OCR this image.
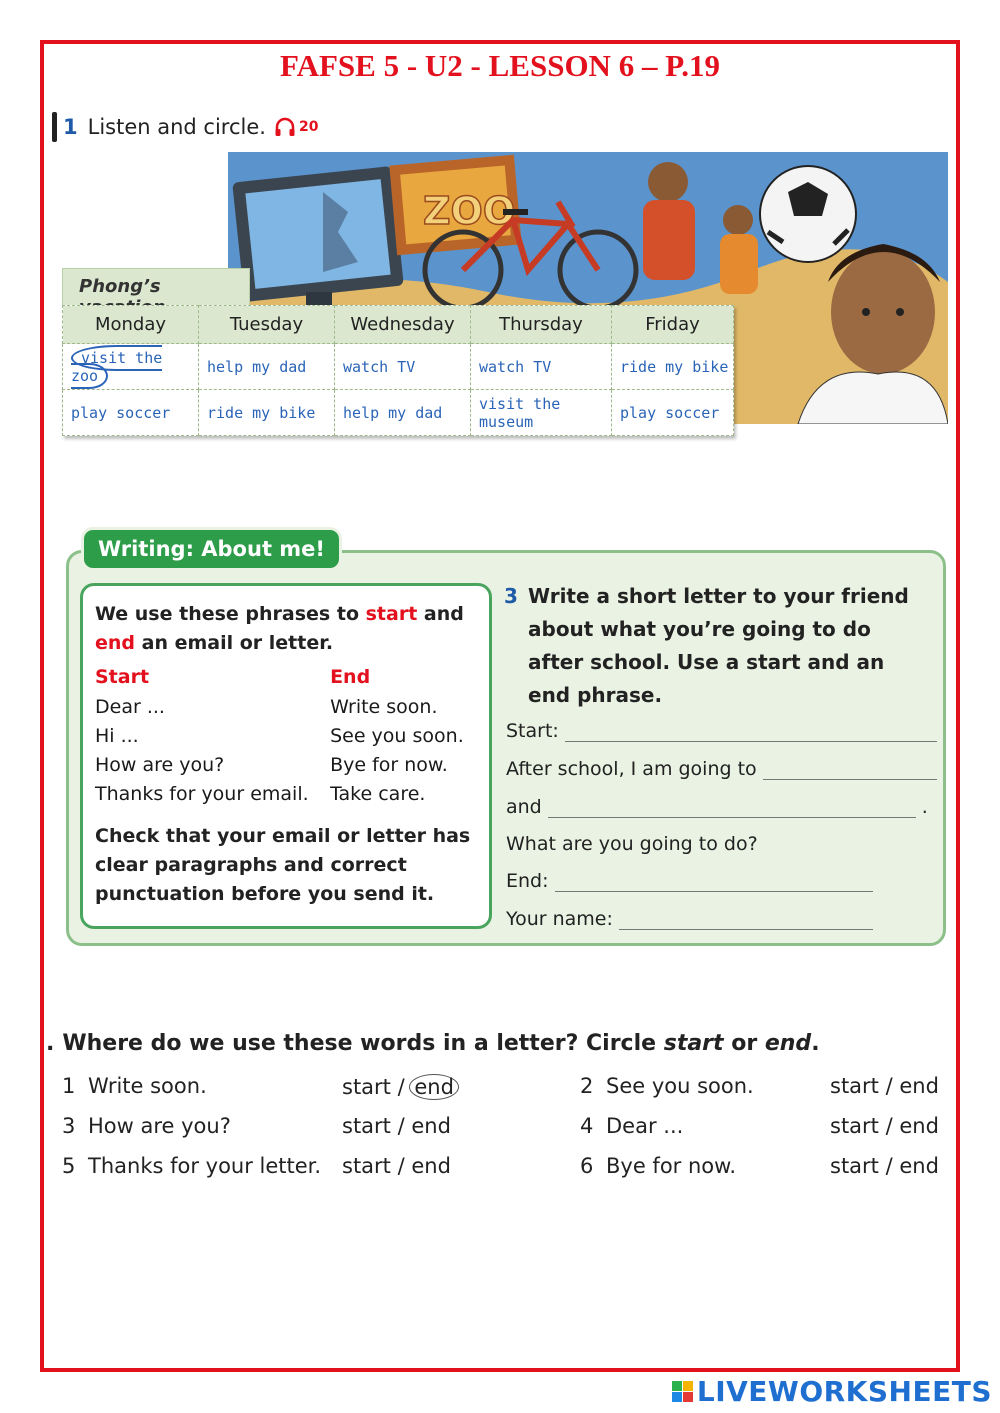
FAFSE 5 - U2 - LESSON 6 – P.19
1 Listen and circle. 20
ZOO
Phong’s
Monday	Tuesday	Wednesday	Thursday	Friday
visit the zoo	help my dad	watch TV	watch TV	ride my bike
play soccer	ride my bike	help my dad	visit the museum	play soccer
Writing: About me!
We use these phrases to start and
end an email or letter.
Start
Dear ...
Hi ...
How are you?
Thanks for your email.
End
Write soon.
See you soon.
Bye for now.
Take care.
Check that your email or letter has clear paragraphs and correct punctuation before you send it.
3 Write a short letter to your friend about what you’re going to do after school. Use a start and an end phrase.
Start:
After school, I am going to
and	.
What are you going to do?
End:
Your name:
. Where do we use these words in a letter? Circle start or end.
1 Write soon.	start / end	2 See you soon.	start / end
3 How are you?	start / end	4 Dear ...	start / end
5 Thanks for your letter. start / end	6 Bye for now.	start / end
LIVEWORKSHEETS
